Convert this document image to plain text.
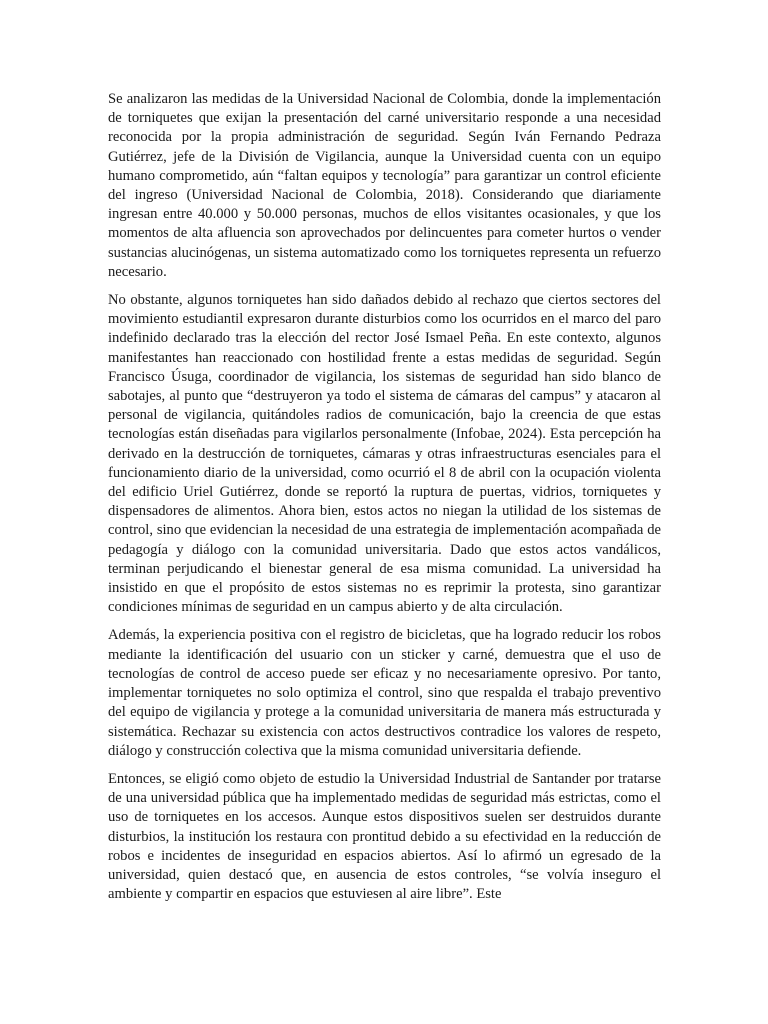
Se analizaron las medidas de la Universidad Nacional de Colombia, donde la implementación de torniquetes que exijan la presentación del carné universitario responde a una necesidad reconocida por la propia administración de seguridad. Según Iván Fernando Pedraza Gutiérrez, jefe de la División de Vigilancia, aunque la Universidad cuenta con un equipo humano comprometido, aún “faltan equipos y tecnología” para garantizar un control eficiente del ingreso (Universidad Nacional de Colombia, 2018). Considerando que diariamente ingresan entre 40.000 y 50.000 personas, muchos de ellos visitantes ocasionales, y que los momentos de alta afluencia son aprovechados por delincuentes para cometer hurtos o vender sustancias alucinógenas, un sistema automatizado como los torniquetes representa un refuerzo necesario.

No obstante, algunos torniquetes han sido dañados debido al rechazo que ciertos sectores del movimiento estudiantil expresaron durante disturbios como los ocurridos en el marco del paro indefinido declarado tras la elección del rector José Ismael Peña. En este contexto, algunos manifestantes han reaccionado con hostilidad frente a estas medidas de seguridad. Según Francisco Úsuga, coordinador de vigilancia, los sistemas de seguridad han sido blanco de sabotajes, al punto que “destruyeron ya todo el sistema de cámaras del campus” y atacaron al personal de vigilancia, quitándoles radios de comunicación, bajo la creencia de que estas tecnologías están diseñadas para vigilarlos personalmente (Infobae, 2024). Esta percepción ha derivado en la destrucción de torniquetes, cámaras y otras infraestructuras esenciales para el funcionamiento diario de la universidad, como ocurrió el 8 de abril con la ocupación violenta del edificio Uriel Gutiérrez, donde se reportó la ruptura de puertas, vidrios, torniquetes y dispensadores de alimentos. Ahora bien, estos actos no niegan la utilidad de los sistemas de control, sino que evidencian la necesidad de una estrategia de implementación acompañada de pedagogía y diálogo con la comunidad universitaria. Dado que estos actos vandálicos, terminan perjudicando el bienestar general de esa misma comunidad. La universidad ha insistido en que el propósito de estos sistemas no es reprimir la protesta, sino garantizar condiciones mínimas de seguridad en un campus abierto y de alta circulación.

Además, la experiencia positiva con el registro de bicicletas, que ha logrado reducir los robos mediante la identificación del usuario con un sticker y carné, demuestra que el uso de tecnologías de control de acceso puede ser eficaz y no necesariamente opresivo. Por tanto, implementar torniquetes no solo optimiza el control, sino que respalda el trabajo preventivo del equipo de vigilancia y protege a la comunidad universitaria de manera más estructurada y sistemática. Rechazar su existencia con actos destructivos contradice los valores de respeto, diálogo y construcción colectiva que la misma comunidad universitaria defiende.

Entonces, se eligió como objeto de estudio la Universidad Industrial de Santander por tratarse de una universidad pública que ha implementado medidas de seguridad más estrictas, como el uso de torniquetes en los accesos. Aunque estos dispositivos suelen ser destruidos durante disturbios, la institución los restaura con prontitud debido a su efectividad en la reducción de robos e incidentes de inseguridad en espacios abiertos. Así lo afirmó un egresado de la universidad, quien destacó que, en ausencia de estos controles, “se volvía inseguro el ambiente y compartir en espacios que estuviesen al aire libre”. Este
